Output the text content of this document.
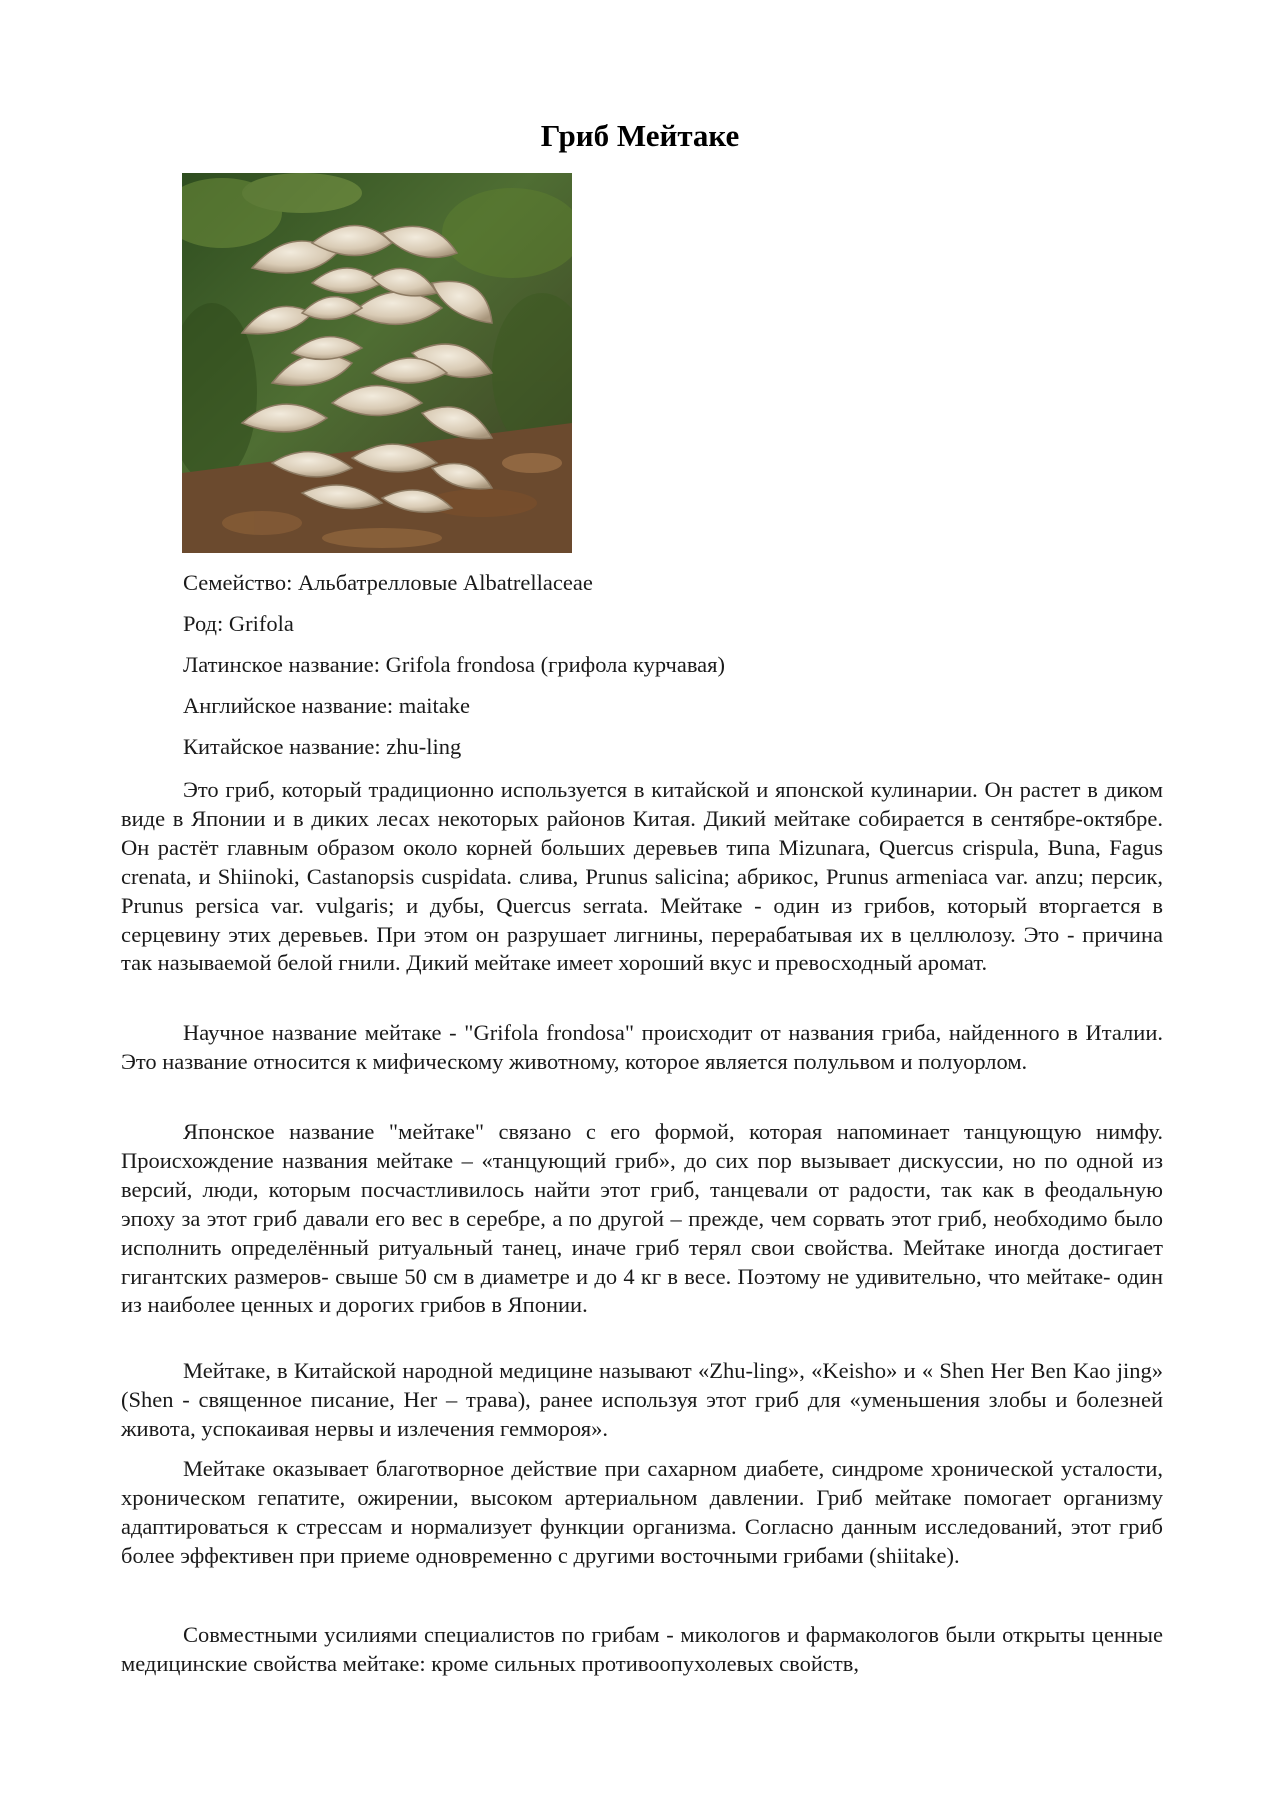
Гриб Мейтаке

Семейство: Альбатрелловые Albatrellaceae

Род: Grifola

Латинское название: Grifola frondosa (грифола курчавая)

Английское название: maitake

Китайское название: zhu-ling

Это гриб, который традиционно используется в китайской и японской кулинарии. Он растет в диком виде в Японии и в диких лесах некоторых районов Китая. Дикий мейтаке собирается в сентябре-октябре. Он растёт главным образом около корней больших деревьев типа Mizunara, Quercus crispula, Buna, Fagus crenata, и Shiinoki, Castanopsis cuspidata. слива, Prunus salicina; абрикос, Prunus armeniaca var. anzu; персик, Prunus persica var. vulgaris; и дубы, Quercus serrata. Мейтаке - один из грибов, который вторгается в серцевину этих деревьев. При этом он разрушает лигнины, перерабатывая их в целлюлозу. Это - причина так называемой белой гнили. Дикий мейтаке имеет хороший вкус и превосходный аромат.

Научное название мейтаке - "Grifola frondosa" происходит от названия гриба, найденного в Италии. Это название относится к мифическому животному, которое является полульвом и полуорлом.

Японское название "мейтаке" связано с его формой, которая напоминает танцующую нимфу. Происхождение названия мейтаке – «танцующий гриб», до сих пор вызывает дискуссии, но по одной из версий, люди, которым посчастливилось найти этот гриб, танцевали от радости, так как в феодальную эпоху за этот гриб давали его вес в серебре, а по другой – прежде, чем сорвать этот гриб, необходимо было исполнить определённый ритуальный танец, иначе гриб терял свои свойства. Мейтаке иногда достигает гигантских размеров- свыше 50 см в диаметре и до 4 кг в весе. Поэтому не удивительно, что мейтаке- один из наиболее ценных и дорогих грибов в Японии.

Мейтаке, в Китайской народной медицине называют «Zhu-ling», «Keisho» и « Shen Her Ben Kao jing» (Shen - священное писание, Her – трава), ранее используя этот гриб для «уменьшения злобы и болезней живота, успокаивая нервы и излечения геммороя».

Мейтаке оказывает благотворное действие при сахарном диабете, синдроме хронической усталости, хроническом гепатите, ожирении, высоком артериальном давлении. Гриб мейтаке помогает организму адаптироваться к стрессам и нормализует функции организма. Согласно данным исследований, этот гриб более эффективен при приеме одновременно с другими восточными грибами (shiitake).

Совместными усилиями специалистов по грибам - микологов и фармакологов были открыты ценные медицинские свойства мейтаке: кроме сильных противоопухолевых свойств,
